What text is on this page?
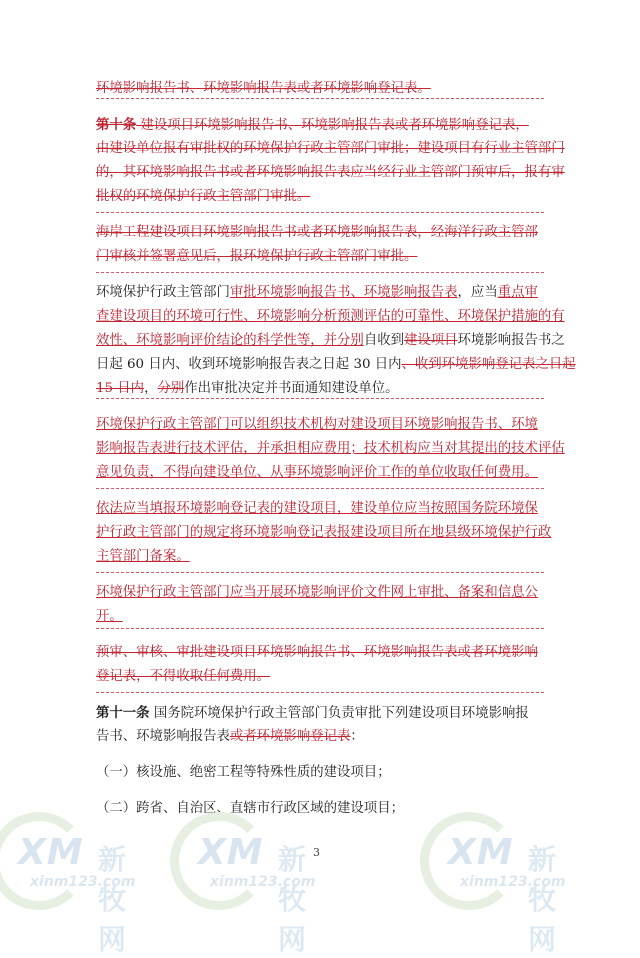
环境影响报告书、环境影响报告表或者环境影响登记表。
第十条 建设项目环境影响报告书、环境影响报告表或者环境影响登记表，
由建设单位报有审批权的环境保护行政主管部门审批；建设项目有行业主管部门
的，其环境影响报告书或者环境影响报告表应当经行业主管部门预审后，报有审
批权的环境保护行政主管部门审批。
海岸工程建设项目环境影响报告书或者环境影响报告表，经海洋行政主管部
门审核并签署意见后，报环境保护行政主管部门审批。
环境保护行政主管部门审批环境影响报告书、环境影响报告表，应当重点审
查建设项目的环境可行性、环境影响分析预测评估的可靠性、环境保护措施的有
效性、环境影响评价结论的科学性等，并分别自收到建设项目环境影响报告书之
日起 60 日内、收到环境影响报告表之日起 30 日内、收到环境影响登记表之日起
15 日内，分别作出审批决定并书面通知建设单位。
环境保护行政主管部门可以组织技术机构对建设项目环境影响报告书、环境
影响报告表进行技术评估，并承担相应费用；技术机构应当对其提出的技术评估
意见负责，不得向建设单位、从事环境影响评价工作的单位收取任何费用。
依法应当填报环境影响登记表的建设项目，建设单位应当按照国务院环境保
护行政主管部门的规定将环境影响登记表报建设项目所在地县级环境保护行政
主管部门备案。
环境保护行政主管部门应当开展环境影响评价文件网上审批、备案和信息公
开。
预审、审核、审批建设项目环境影响报告书、环境影响报告表或者环境影响
登记表，不得收取任何费用。
第十一条 国务院环境保护行政主管部门负责审批下列建设项目环境影响报
告书、环境影响报告表或者环境影响登记表：
（一）核设施、绝密工程等特殊性质的建设项目；
（二）跨省、自治区、直辖市行政区域的建设项目；
3
XM 新牧网
xinm123.com
XM 新牧网
xinm123.com
XM 新牧网
xinm123.com
